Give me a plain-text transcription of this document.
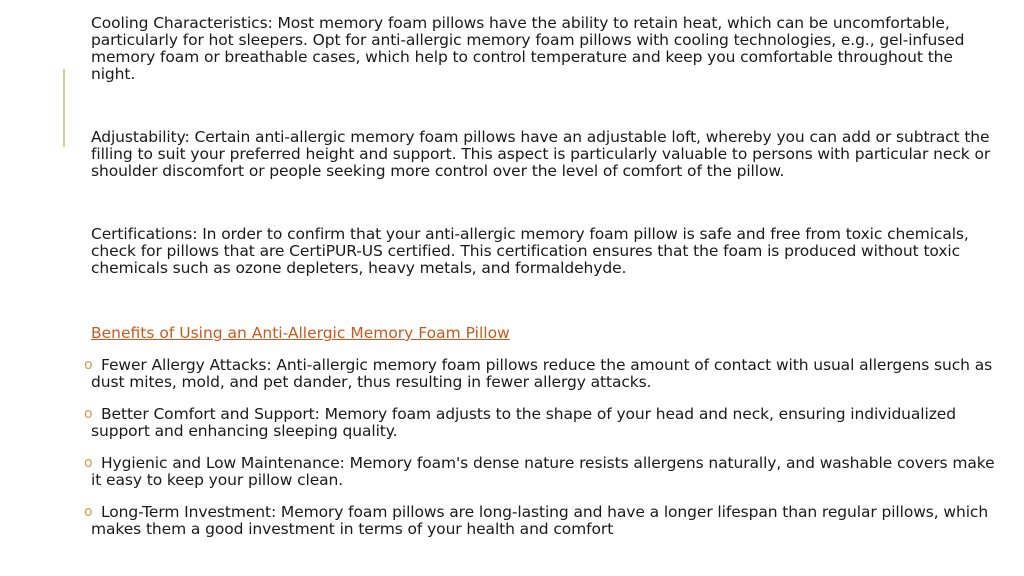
Cooling Characteristics: Most memory foam pillows have the ability to retain heat, which can be uncomfortable, particularly for hot sleepers. Opt for anti-allergic memory foam pillows with cooling technologies, e.g., gel-infused memory foam or breathable cases, which help to control temperature and keep you comfortable throughout the night.

Adjustability: Certain anti-allergic memory foam pillows have an adjustable loft, whereby you can add or subtract the filling to suit your preferred height and support. This aspect is particularly valuable to persons with particular neck or shoulder discomfort or people seeking more control over the level of comfort of the pillow.

Certifications: In order to confirm that your anti-allergic memory foam pillow is safe and free from toxic chemicals, check for pillows that are CertiPUR-US certified. This certification ensures that the foam is produced without toxic chemicals such as ozone depleters, heavy metals, and formaldehyde.

Benefits of Using an Anti-Allergic Memory Foam Pillow
o Fewer Allergy Attacks: Anti-allergic memory foam pillows reduce the amount of contact with usual allergens such as dust mites, mold, and pet dander, thus resulting in fewer allergy attacks.
o Better Comfort and Support: Memory foam adjusts to the shape of your head and neck, ensuring individualized support and enhancing sleeping quality.
o Hygienic and Low Maintenance: Memory foam's dense nature resists allergens naturally, and washable covers make it easy to keep your pillow clean.
o Long-Term Investment: Memory foam pillows are long-lasting and have a longer lifespan than regular pillows, which makes them a good investment in terms of your health and comfort
